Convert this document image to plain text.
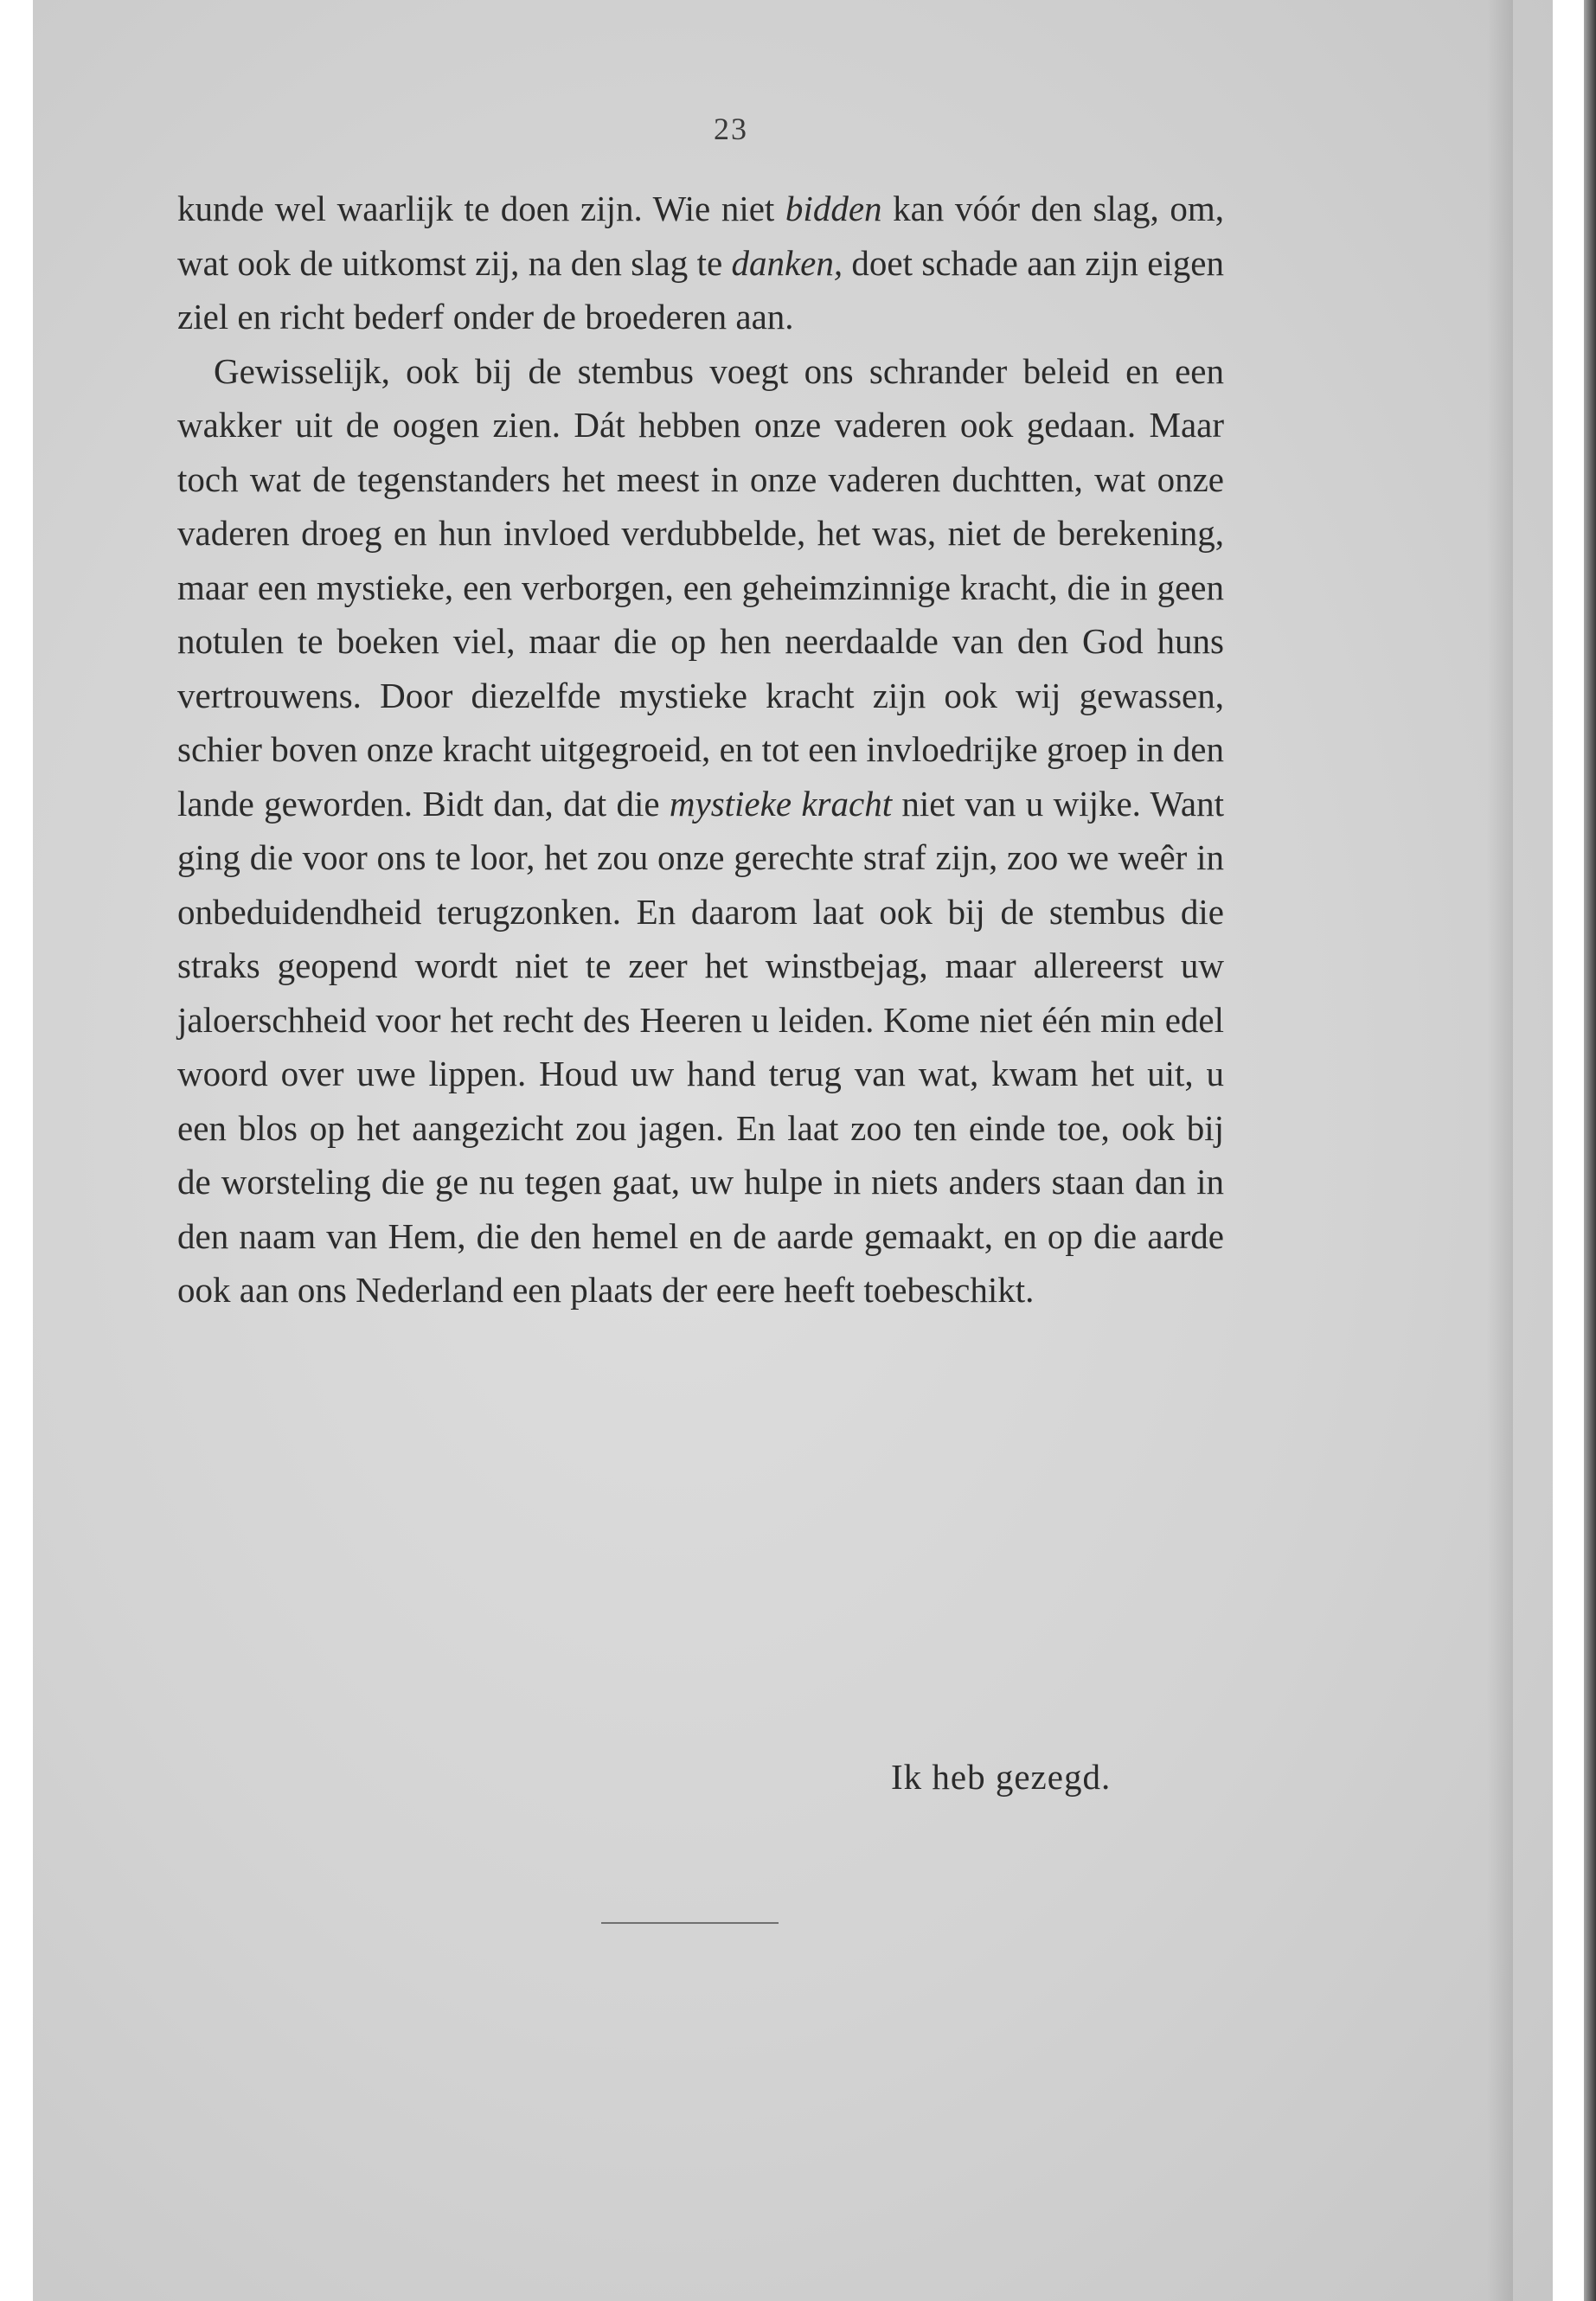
23

kunde wel waarlijk te doen zijn. Wie niet bidden kan vóór den slag, om, wat ook de uitkomst zij, na den slag te danken, doet schade aan zijn eigen ziel en richt bederf onder de broederen aan.

Gewisselijk, ook bij de stembus voegt ons schrander beleid en een wakker uit de oogen zien. Dát hebben onze vaderen ook gedaan. Maar toch wat de tegenstanders het meest in onze vaderen duchtten, wat onze vaderen droeg en hun invloed verdubbelde, het was, niet de berekening, maar een mystieke, een verborgen, een geheimzinnige kracht, die in geen notulen te boeken viel, maar die op hen neerdaalde van den God huns vertrouwens. Door diezelfde mystieke kracht zijn ook wij gewassen, schier boven onze kracht uitgegroeid, en tot een invloedrijke groep in den lande geworden. Bidt dan, dat die mystieke kracht niet van u wijke. Want ging die voor ons te loor, het zou onze gerechte straf zijn, zoo we weêr in onbeduidendheid terugzonken. En daarom laat ook bij de stembus die straks geopend wordt niet te zeer het winstbejag, maar allereerst uw jaloerschheid voor het recht des Heeren u leiden. Kome niet één min edel woord over uwe lippen. Houd uw hand terug van wat, kwam het uit, u een blos op het aangezicht zou jagen. En laat zoo ten einde toe, ook bij de worsteling die ge nu tegen gaat, uw hulpe in niets anders staan dan in den naam van Hem, die den hemel en de aarde gemaakt, en op die aarde ook aan ons Nederland een plaats der eere heeft toebeschikt.

Ik heb gezegd.
